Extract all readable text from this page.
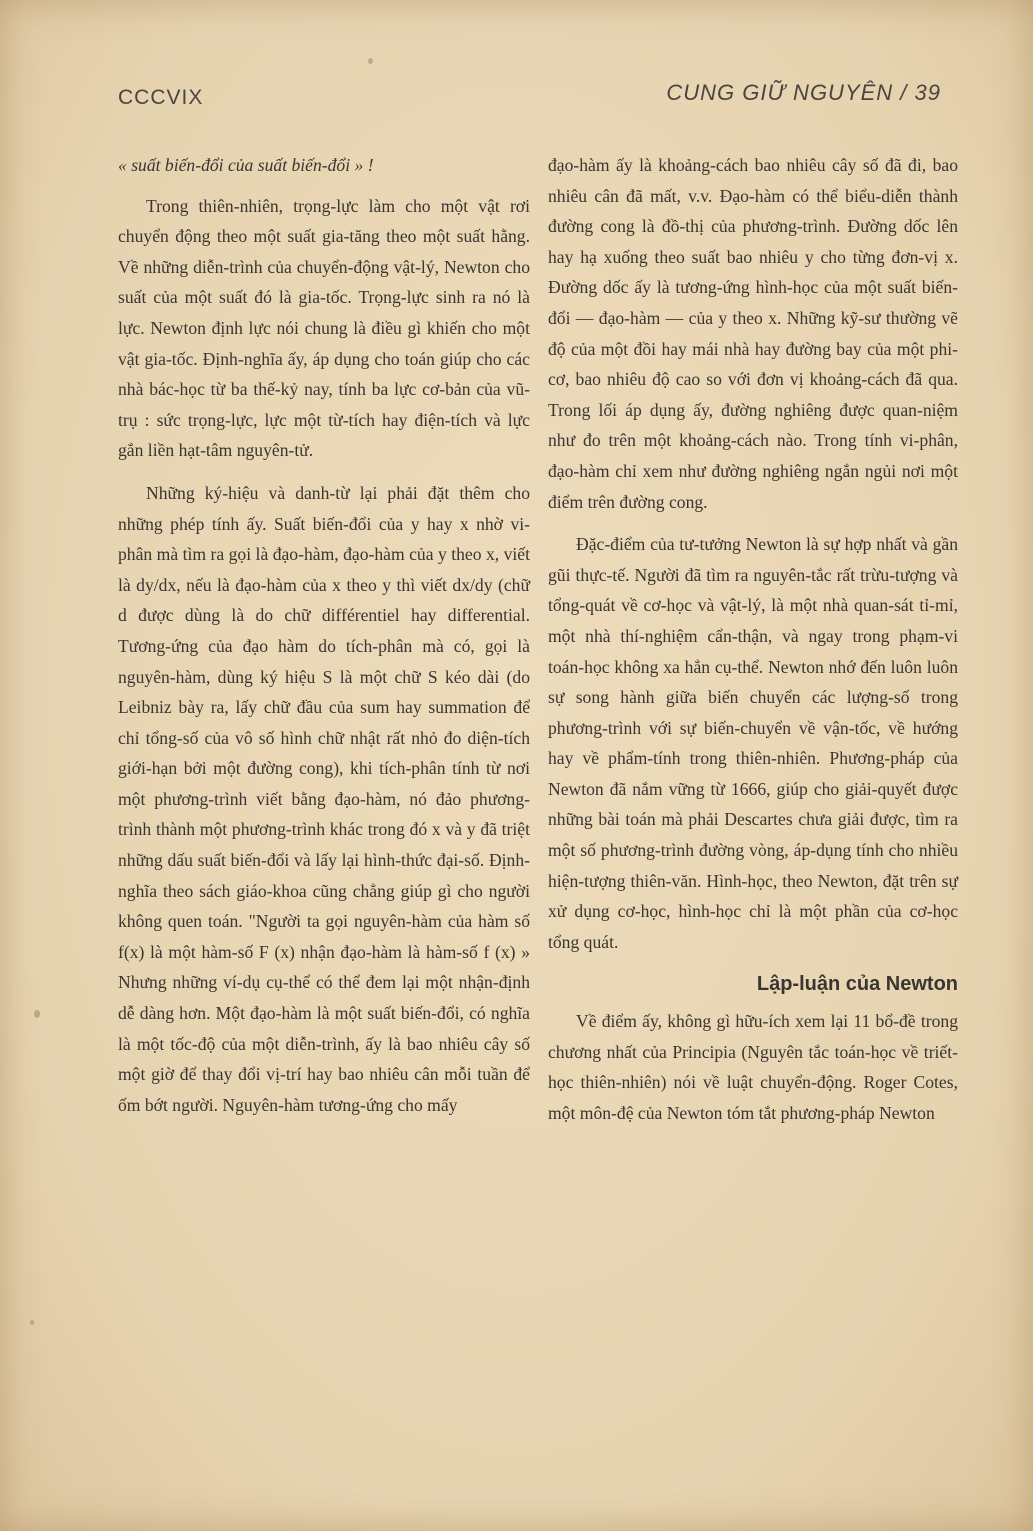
CCCVIX	CUNG GIỮ NGUYÊN / 39

« suất biến-đổi của suất biến-đổi » !

Trong thiên-nhiên, trọng-lực làm cho một vật rơi chuyển động theo một suất gia-tăng theo một suất hằng. Về những diễn-trình của chuyển-động vật-lý, Newton cho suất của một suất đó là gia-tốc. Trọng-lực sinh ra nó là lực. Newton định lực nói chung là điều gì khiến cho một vật gia-tốc. Định-nghĩa ấy, áp dụng cho toán giúp cho các nhà bác-học từ ba thế-kỷ nay, tính ba lực cơ-bản của vũ-trụ : sức trọng-lực, lực một từ-tích hay điện-tích và lực gắn liền hạt-tâm nguyên-tử.

Những ký-hiệu và danh-từ lại phải đặt thêm cho những phép tính ấy. Suất biến-đổi của y hay x nhờ vi-phân mà tìm ra gọi là đạo-hàm, đạo-hàm của y theo x, viết là dy/dx, nếu là đạo-hàm của x theo y thì viết dx/dy (chữ d được dùng là do chữ différentiel hay differential. Tương-ứng của đạo hàm do tích-phân mà có, gọi là nguyên-hàm, dùng ký hiệu S là một chữ S kéo dài (do Leibniz bày ra, lấy chữ đầu của sum hay summation để chỉ tổng-số của vô số hình chữ nhật rất nhỏ đo diện-tích giới-hạn bởi một đường cong), khi tích-phân tính từ nơi một phương-trình viết bằng đạo-hàm, nó đảo phương-trình thành một phương-trình khác trong đó x và y đã triệt những dấu suất biến-đổi và lấy lại hình-thức đại-số. Định-nghĩa theo sách giáo-khoa cũng chẳng giúp gì cho người không quen toán. "Người ta gọi nguyên-hàm của hàm số f(x) là một hàm-số F (x) nhận đạo-hàm là hàm-số f (x) » Nhưng những ví-dụ cụ-thể có thể đem lại một nhận-định dễ dàng hơn. Một đạo-hàm là một suất biến-đổi, có nghĩa là một tốc-độ của một diễn-trình, ấy là bao nhiêu cây số một giờ để thay đổi vị-trí hay bao nhiêu cân mỗi tuần để ốm bớt người. Nguyên-hàm tương-ứng cho mấy

đạo-hàm ấy là khoảng-cách bao nhiêu cây số đã đi, bao nhiêu cân đã mất, v.v. Đạo-hàm có thể biểu-diễn thành đường cong là đồ-thị của phương-trình. Đường dốc lên hay hạ xuống theo suất bao nhiêu y cho từng đơn-vị x. Đường dốc ấy là tương-ứng hình-học của một suất biến-đổi — đạo-hàm — của y theo x. Những kỹ-sư thường vẽ độ của một đồi hay mái nhà hay đường bay của một phi-cơ, bao nhiêu độ cao so với đơn vị khoảng-cách đã qua. Trong lối áp dụng ấy, đường nghiêng được quan-niệm như đo trên một khoảng-cách nào. Trong tính vi-phân, đạo-hàm chỉ xem như đường nghiêng ngắn ngủi nơi một điểm trên đường cong.

Đặc-điểm của tư-tưởng Newton là sự hợp nhất và gần gũi thực-tế. Người đã tìm ra nguyên-tắc rất trừu-tượng và tổng-quát về cơ-học và vật-lý, là một nhà quan-sát tỉ-mỉ, một nhà thí-nghiệm cẩn-thận, và ngay trong phạm-vi toán-học không xa hẳn cụ-thể. Newton nhớ đến luôn luôn sự song hành giữa biến chuyển các lượng-số trong phương-trình với sự biến-chuyển về vận-tốc, về hướng hay về phẩm-tính trong thiên-nhiên. Phương-pháp của Newton đã nắm vững từ 1666, giúp cho giải-quyết được những bài toán mà phải Descartes chưa giải được, tìm ra một số phương-trình đường vòng, áp-dụng tính cho nhiều hiện-tượng thiên-văn. Hình-học, theo Newton, đặt trên sự xử dụng cơ-học, hình-học chỉ là một phần của cơ-học tổng quát.

Lập-luận của Newton

Về điểm ấy, không gì hữu-ích xem lại 11 bổ-đề trong chương nhất của Principia (Nguyên tắc toán-học về triết-học thiên-nhiên) nói về luật chuyển-động. Roger Cotes, một môn-đệ của Newton tóm tắt phương-pháp Newton
